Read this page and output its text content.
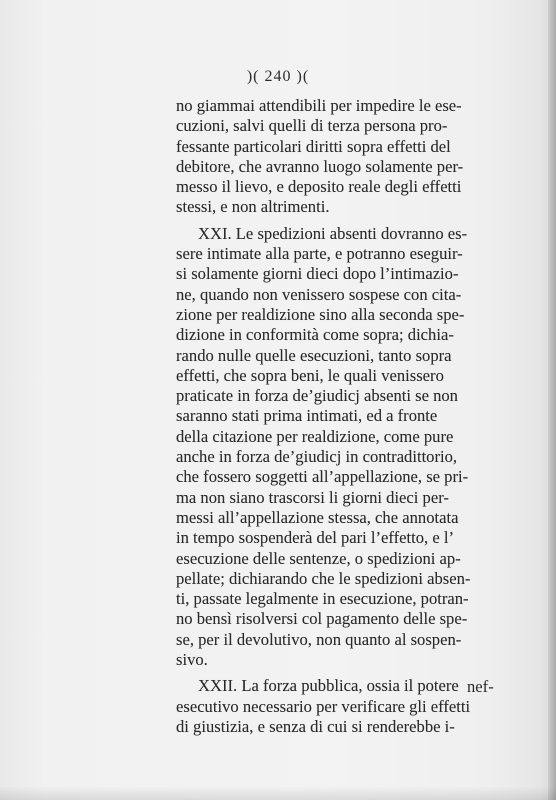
)( 240 )(
no giammai attendibili per impedire le ese-
cuzioni, salvi quelli di terza persona pro-
fessante particolari diritti sopra effetti del
debitore, che avranno luogo solamente per-
messo il lievo, e deposito reale degli effetti
stessi, e non altrimenti.
XXI. Le spedizioni absenti dovranno es-
sere intimate alla parte, e potranno eseguir-
si solamente giorni dieci dopo l’intimazio-
ne, quando non venissero sospese con cita-
zione per realdizione sino alla seconda spe-
dizione in conformità come sopra; dichia-
rando nulle quelle esecuzioni, tanto sopra
effetti, che sopra beni, le quali venissero
praticate in forza de’giudicj absenti se non
saranno stati prima intimati, ed a fronte
della citazione per realdizione, come pure
anche in forza de’giudicj in contradittorio,
che fossero soggetti all’appellazione, se pri-
ma non siano trascorsi li giorni dieci per-
messi all’appellazione stessa, che annotata
in tempo sospenderà del pari l’effetto, e l’
esecuzione delle sentenze, o spedizioni ap-
pellate; dichiarando che le spedizioni absen-
ti, passate legalmente in esecuzione, potran-
no bensì risolversi col pagamento delle spe-
se, per il devolutivo, non quanto al sospen-
sivo.
XXII. La forza pubblica, ossia il potere
esecutivo necessario per verificare gli effetti
di giustizia, e senza di cui si renderebbe i-
nef-
